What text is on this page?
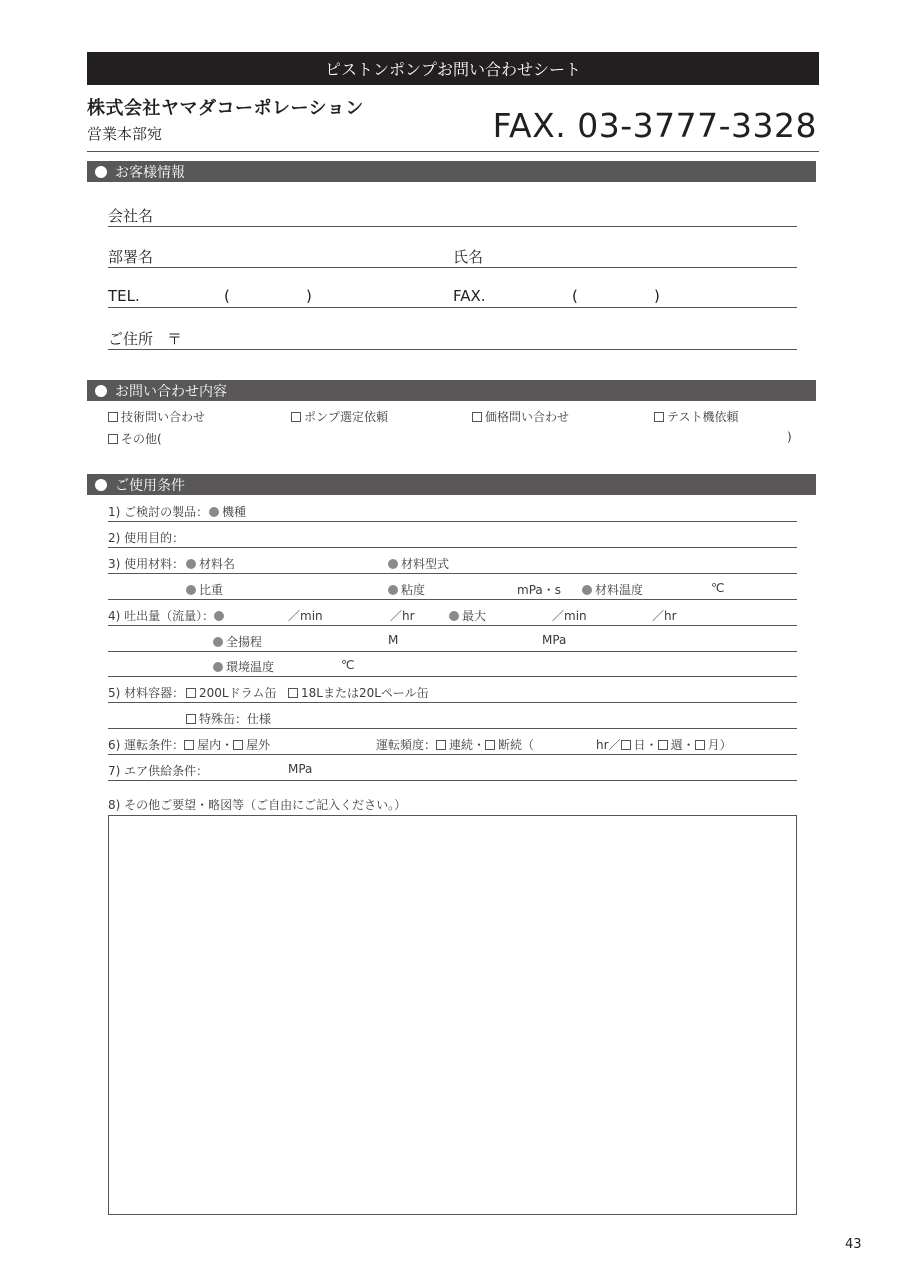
ピストンポンプお問い合わせシート
株式会社ヤマダコーポレーション
営業本部宛	FAX. 03-3777-3328
お客様情報
会社名
部署名	氏名
TEL.	(	)	FAX.	(	)
ご住所 〒
お問い合わせ内容
技術問い合わせ	ポンプ選定依頼	価格問い合わせ	テスト機依頼
その他(	)
ご使用条件
1) ご検討の製品：	機種
2) 使用目的：
3) 使用材料：	材料名	材料型式
比重	粘度	mPa・s	材料温度	℃
4) 吐出量（流量）：	／min	／hr	最大	／min	／hr
全揚程	M	MPa
環境温度	℃
5) 材料容器：	200Lドラム缶	18Lまたは20Lペール缶
特殊缶：仕様
6) 運転条件： 屋内・ 屋外	運転頻度： 連続・ 断続（	hr／ 日・ 週・ 月）
7) エア供給条件：	MPa
8) その他ご要望・略図等（ご自由にご記入ください。）
43
